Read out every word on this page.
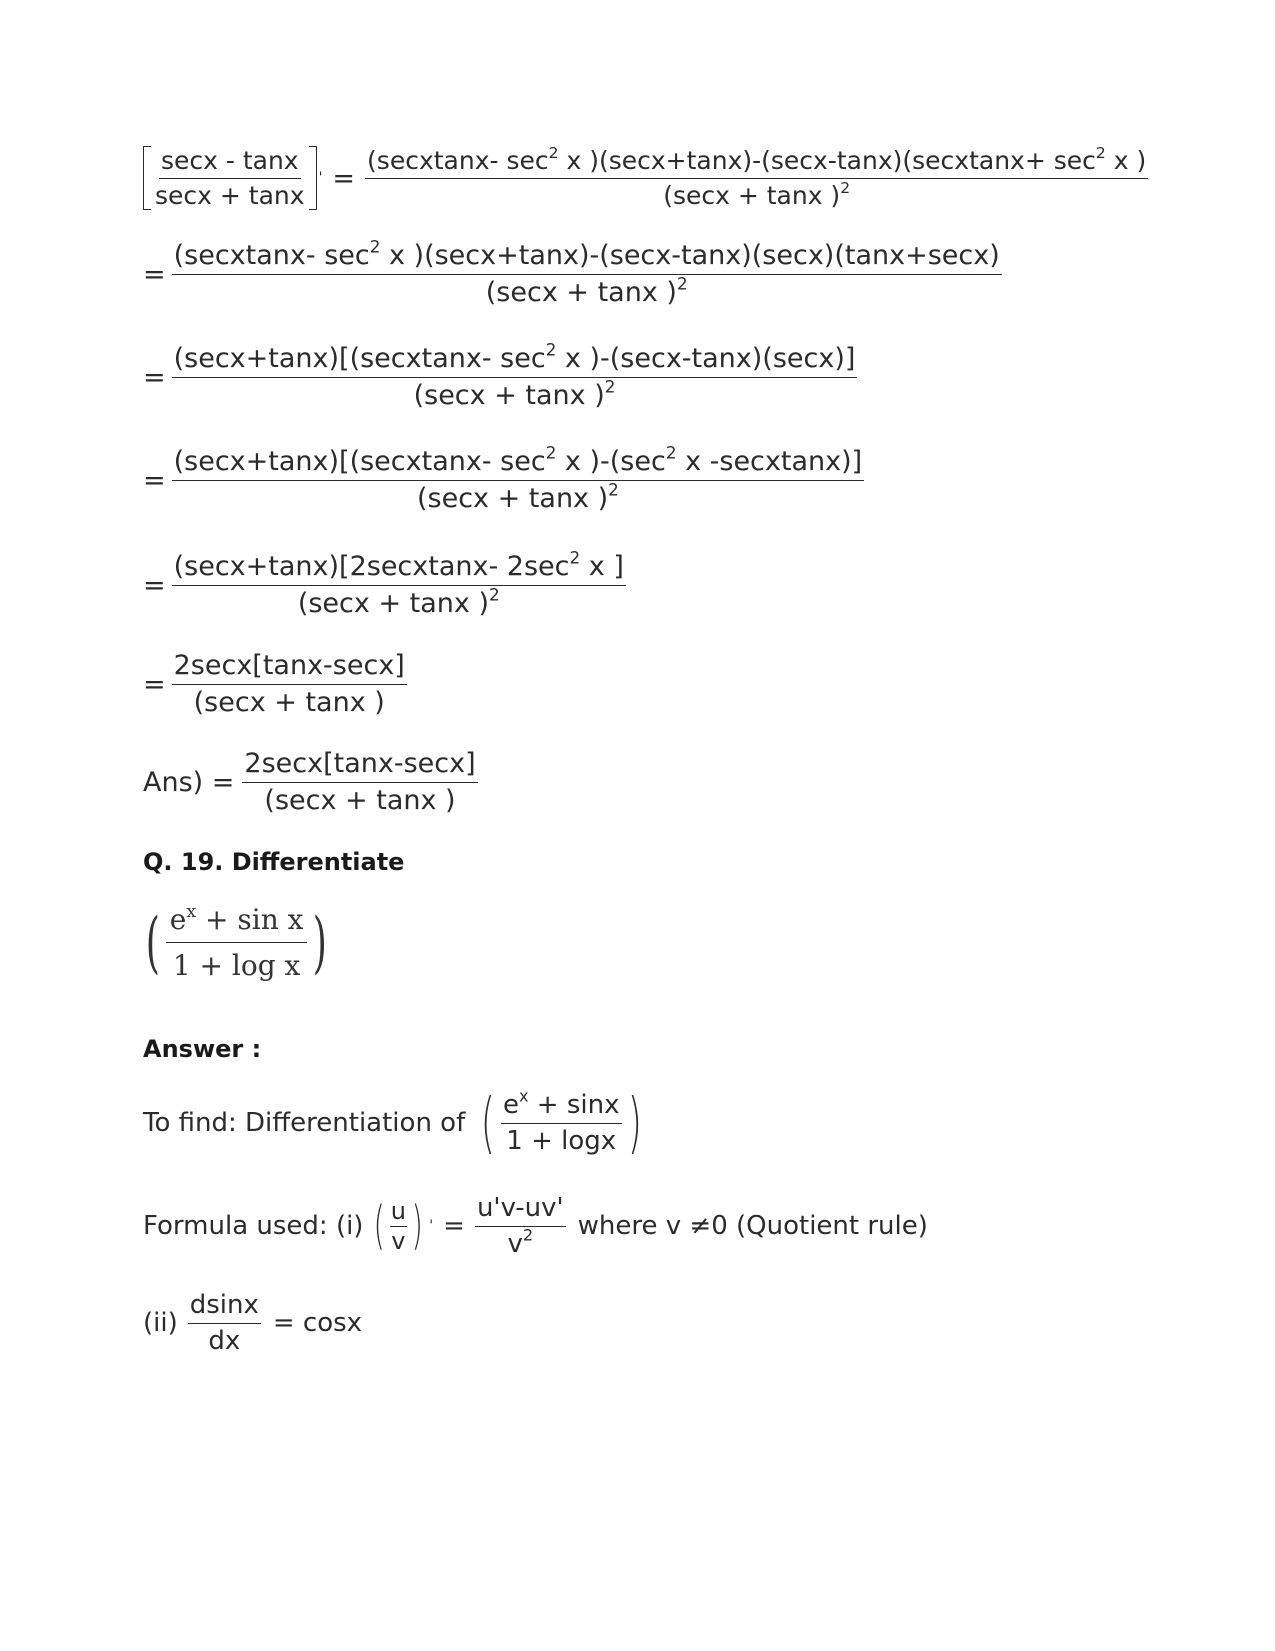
$\frac{\sec x - \tan x}{\sec x + \tan x}$ ' =
(secxtanx- $\sec^2 x$ )(secx+tanx)-(secx-tanx)(secxtanx+ $\sec^2 x$ )
(secx + tanx )$^2$
= $\frac{(secxtanx- \sec^2 x )(\sec x+\tan x)-(\sec x-\tan x)(\sec x)(\tan x+\sec x)}{(\sec x + \tan x )^2}$
= $\frac{(\sec x+\tan x)[(secxtanx- \sec^2 x )-(\sec x-\tan x)(\sec x)]}{(\sec x + \tan x )^2}$
= $\frac{(\sec x+\tan x)[(secxtanx- \sec^2 x )-(\sec^2 x -secxtanx)]}{(\sec x + \tan x )^2}$
= $\frac{(\sec x+\tan x)[2secxtanx- 2\sec^2 x ]}{(\sec x + \tan x )^2}$
= $\frac{2\sec x[\tan x-\sec x]}{(\sec x + \tan x )}$
$Ans) = \frac{2\sec x[\tan x-\sec x]}{(\sec x + \tan x )}$
Q. 19. Differentiate
( $\frac{e^x + \sin x}{\text{1 + log x}}$ )
Answer :
To find: Differentiation of ( $\frac{e^x + \sin x}{1 + \log x}$ )
Formula used: (i) ( $\frac{u}{v}$ ) ' = $\frac{u'v-uv'}{v^2}$ where v ≠0 (Quotient rule)
$(ii) \frac{dsinx}{dx} = \cos x$
